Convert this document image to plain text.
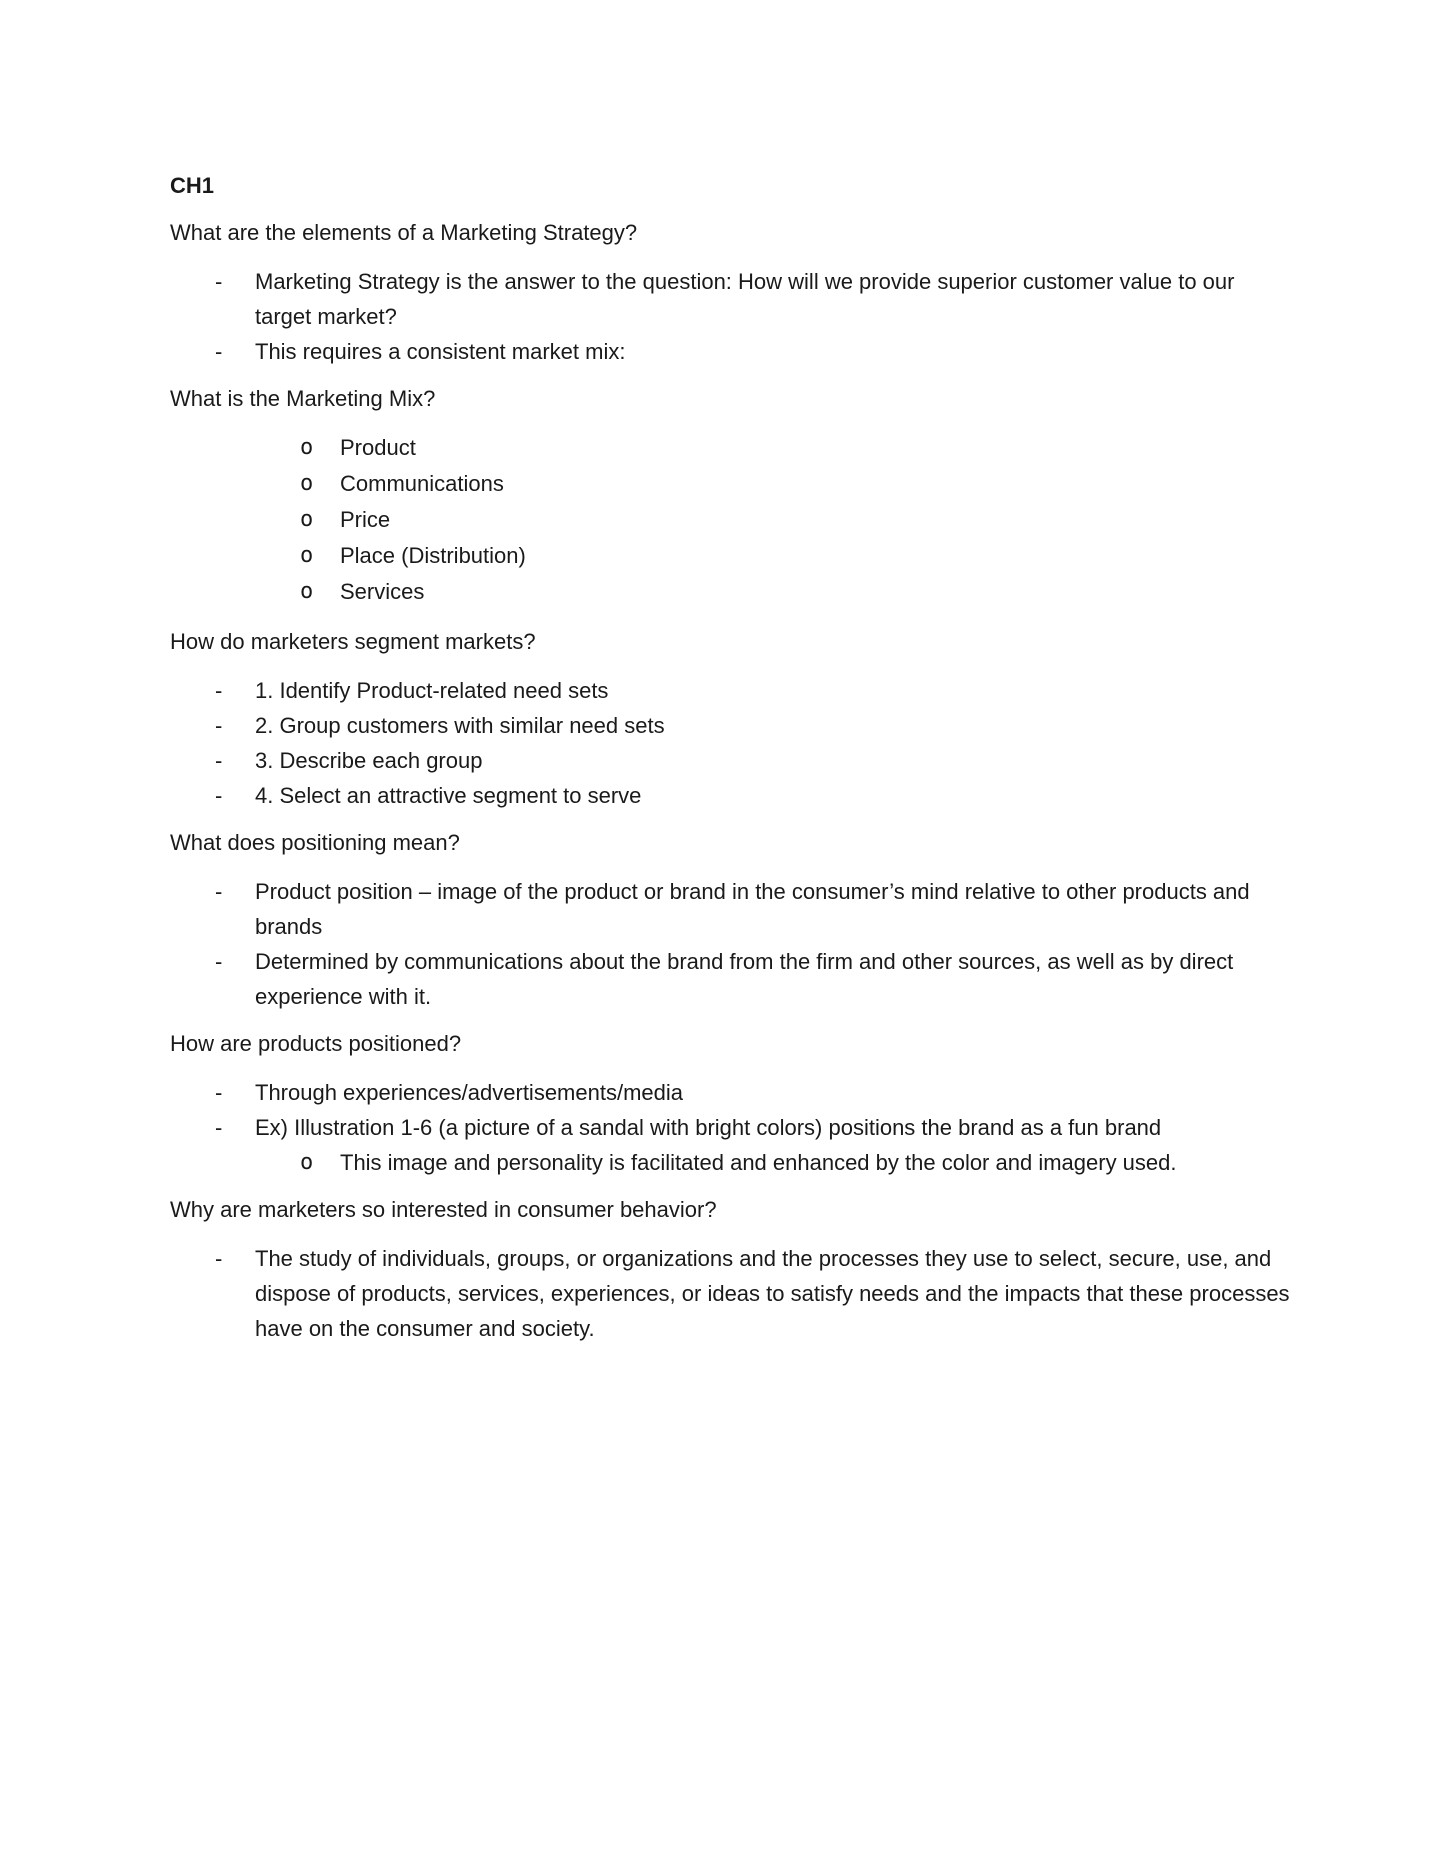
CH1
What are the elements of a Marketing Strategy?
- Marketing Strategy is the answer to the question: How will we provide superior customer value to our target market?
- This requires a consistent market mix:
What is the Marketing Mix?
o Product
o Communications
o Price
o Place (Distribution)
o Services
How do marketers segment markets?
- 1. Identify Product-related need sets
- 2. Group customers with similar need sets
- 3. Describe each group
- 4. Select an attractive segment to serve
What does positioning mean?
- Product position – image of the product or brand in the consumer’s mind relative to other products and brands
- Determined by communications about the brand from the firm and other sources, as well as by direct experience with it.
How are products positioned?
- Through experiences/advertisements/media
- Ex) Illustration 1-6 (a picture of a sandal with bright colors) positions the brand as a fun brand
o This image and personality is facilitated and enhanced by the color and imagery used.
Why are marketers so interested in consumer behavior?
- The study of individuals, groups, or organizations and the processes they use to select, secure, use, and dispose of products, services, experiences, or ideas to satisfy needs and the impacts that these processes have on the consumer and society.
